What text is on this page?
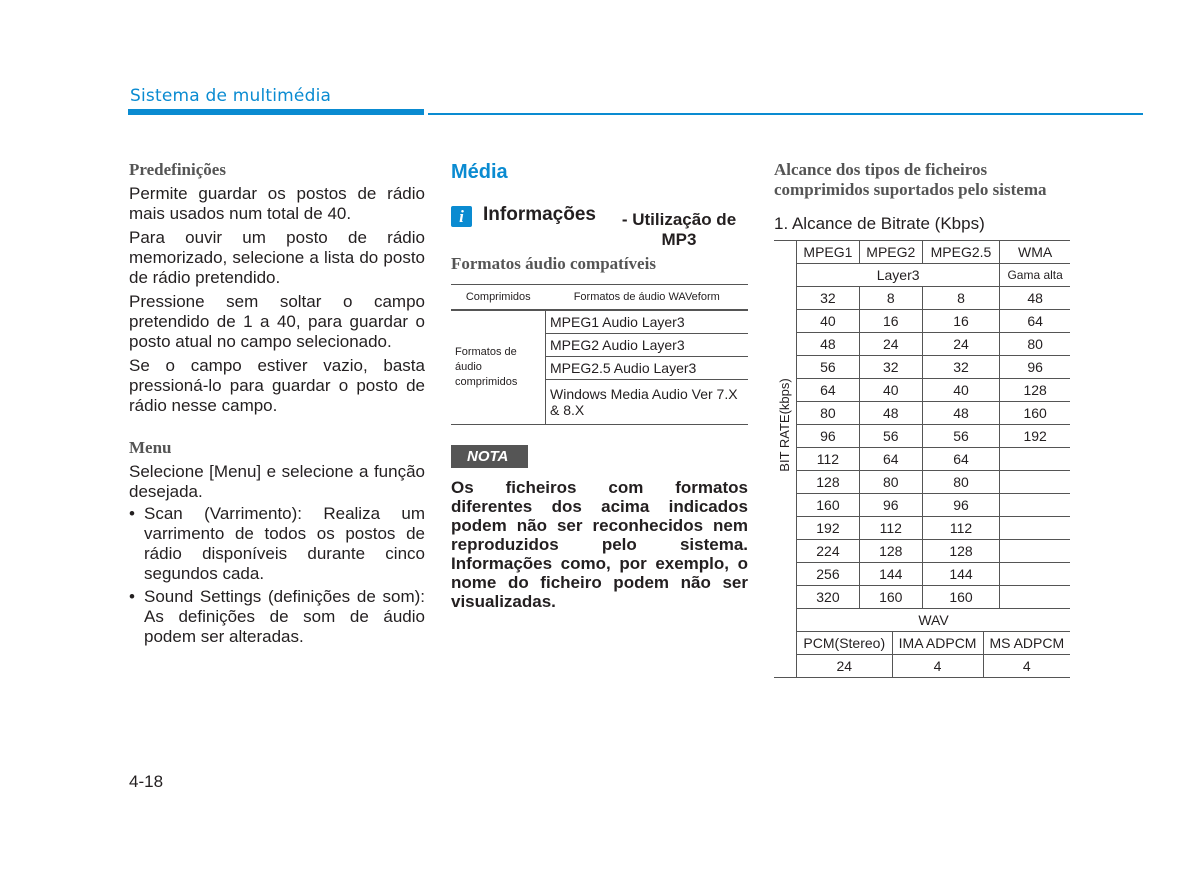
Sistema de multimédia
Predefinições

Permite guardar os postos de rádio mais usados num total de 40.

Para ouvir um posto de rádio memorizado, selecione a lista do posto de rádio pretendido.

Pressione sem soltar o campo pretendido de 1 a 40, para guardar o posto atual no campo selecionado.

Se o campo estiver vazio, basta pressioná-lo para guardar o posto de rádio nesse campo.

Menu

Selecione [Menu] e selecione a função desejada.

• Scan (Varrimento): Realiza um varrimento de todos os postos de rádio disponíveis durante cinco segundos cada.
• Sound Settings (definições de som): As definições de som de áudio podem ser alteradas.
Média
i	Informações	- Utilização de MP3
Formatos áudio compatíveis
Comprimidos	Formatos de áudio WAVeform
Formatos de áudio comprimidos	MPEG1 Audio Layer3
	MPEG2 Audio Layer3
	MPEG2.5 Audio Layer3
	Windows Media Audio Ver 7.X & 8.X
NOTA

Os ficheiros com formatos diferentes dos acima indicados podem não ser reconhecidos nem reproduzidos pelo sistema. Informações como, por exemplo, o nome do ficheiro podem não ser visualizadas.

Alcance dos tipos de ficheiros comprimidos suportados pelo sistema

1. Alcance de Bitrate (Kbps)

BIT RATE(kbps)	MPEG1	MPEG2	MPEG2.5	WMA
	Layer3			Gama alta
	32	8	8	48
	40	16	16	64
	48	24	24	80
	56	32	32	96
	64	40	40	128
	80	48	48	160
	96	56	56	192
	112	64	64	
	128	80	80	
	160	96	96	
	192	112	112	
	224	128	128	
	256	144	144	
	320	160	160	
	WAV		
	PCM(Stereo)	IMA ADPCM	MS ADPCM
	24	4	4
4-18
